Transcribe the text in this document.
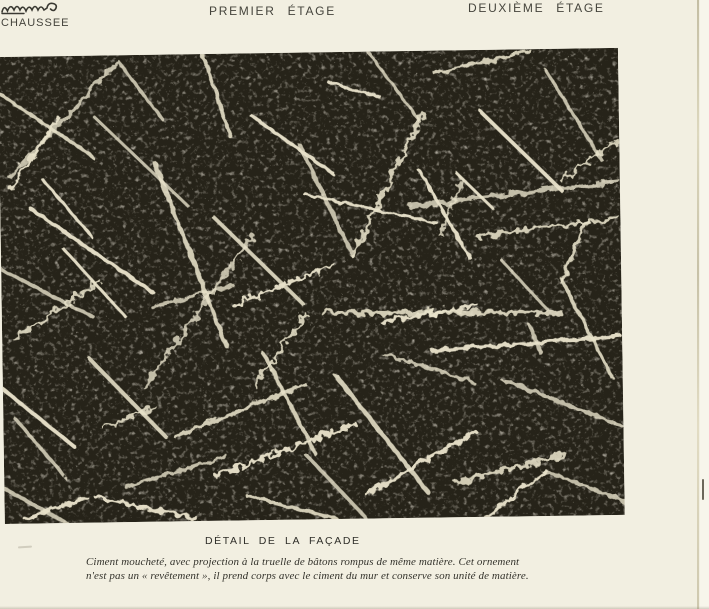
CHAUSSEE
PREMIER ÉTAGE	DEUXIÈME ÉTAGE
DÉTAIL DE LA FAÇADE
Ciment moucheté, avec projection à la truelle de bâtons rompus de même matière. Cet ornement
n'est pas un « revêtement », il prend corps avec le ciment du mur et conserve son unité de matière.
